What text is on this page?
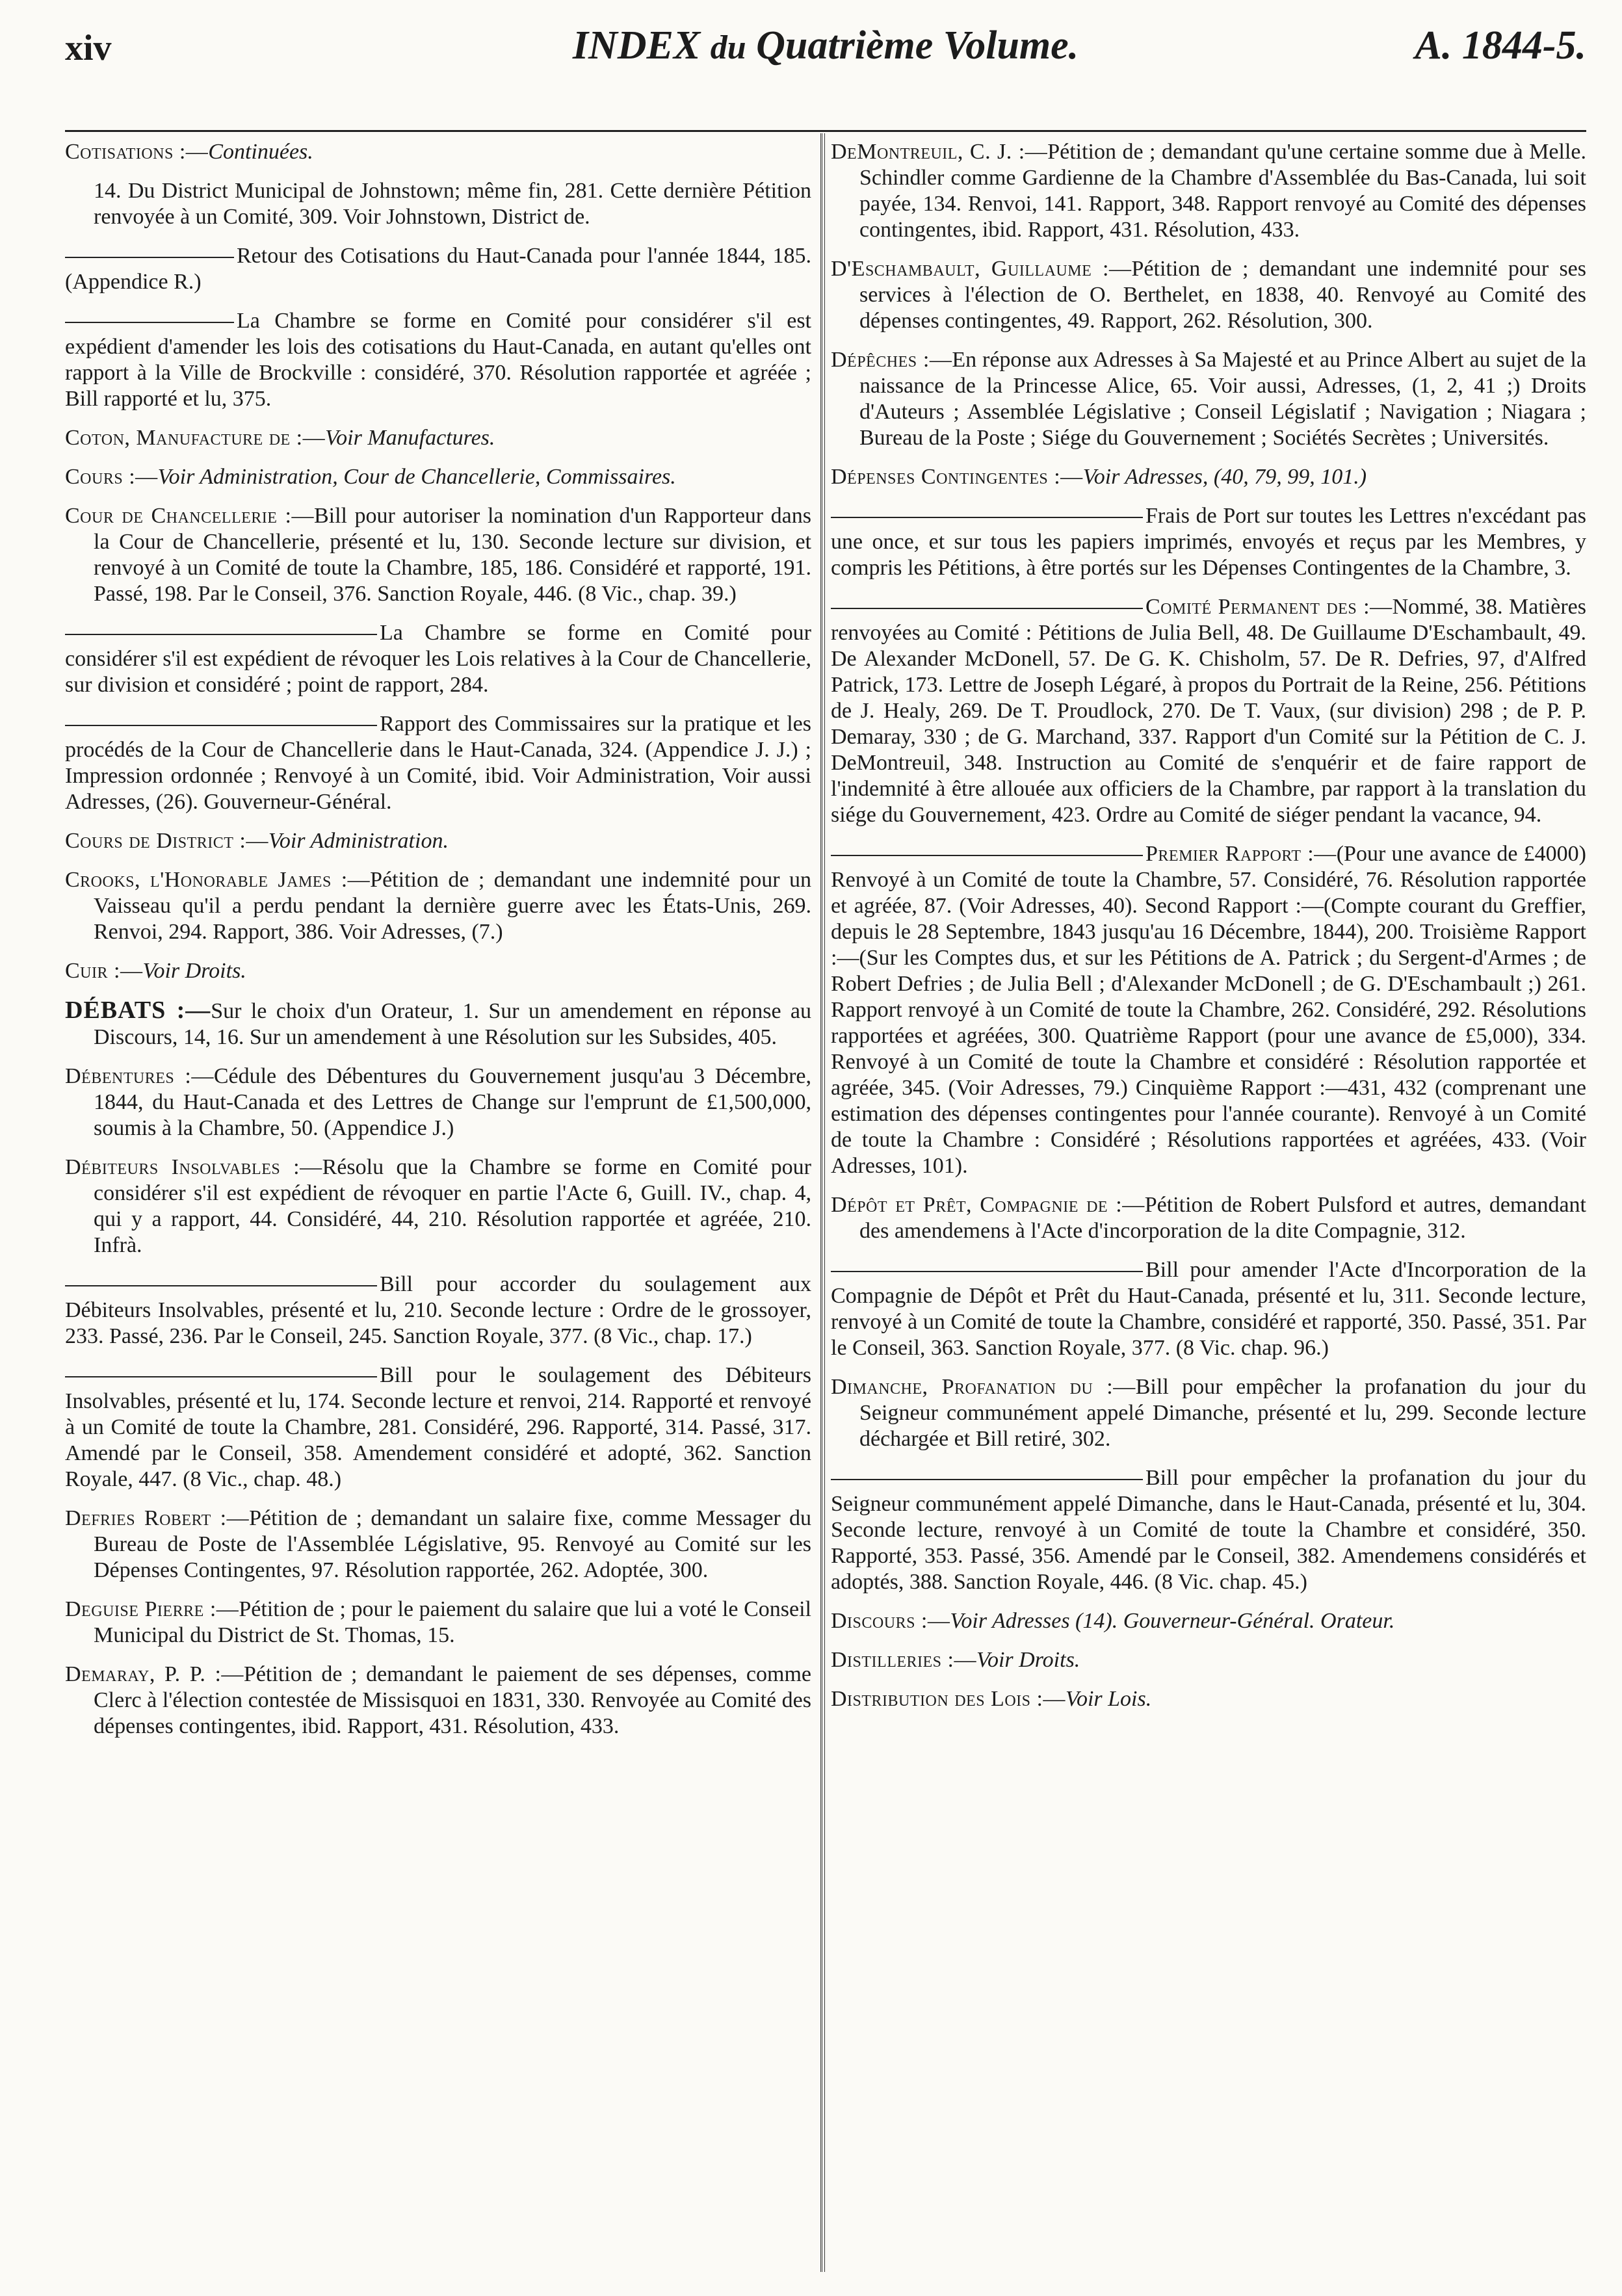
xiv	INDEX du Quatrième Volume.	A. 1844-5.

Cotisations :—Continuées.

14. Du District Municipal de Johnstown; même fin, 281. Cette dernière Pétition renvoyée à un Comité, 309. Voir Johnstown, District de.

Retour des Cotisations du Haut-Canada pour l'année 1844, 185. (Appendice R.)

La Chambre se forme en Comité pour considérer s'il est expédient d'amender les lois des cotisations du Haut-Canada, en autant qu'elles ont rapport à la Ville de Brockville : considéré, 370. Résolution rapportée et agréée ; Bill rapporté et lu, 375.

Coton, Manufacture de :—Voir Manufactures.

Cours :—Voir Administration, Cour de Chancellerie, Commissaires.

Cour de Chancellerie :—Bill pour autoriser la nomination d'un Rapporteur dans la Cour de Chancellerie, présenté et lu, 130. Seconde lecture sur division, et renvoyé à un Comité de toute la Chambre, 185, 186. Considéré et rapporté, 191. Passé, 198. Par le Conseil, 376. Sanction Royale, 446. (8 Vic., chap. 39.)

La Chambre se forme en Comité pour considérer s'il est expédient de révoquer les Lois relatives à la Cour de Chancellerie, sur division et considéré ; point de rapport, 284.

Rapport des Commissaires sur la pratique et les procédés de la Cour de Chancellerie dans le Haut-Canada, 324. (Appendice J. J.) ; Impression ordonnée ; Renvoyé à un Comité, ibid. Voir Administration, Voir aussi Adresses, (26). Gouverneur-Général.

Cours de District :—Voir Administration.

Crooks, l'Honorable James :—Pétition de ; demandant une indemnité pour un Vaisseau qu'il a perdu pendant la dernière guerre avec les États-Unis, 269. Renvoi, 294. Rapport, 386. Voir Adresses, (7.)

Cuir :—Voir Droits.

DÉBATS :—Sur le choix d'un Orateur, 1. Sur un amendement en réponse au Discours, 14, 16. Sur un amendement à une Résolution sur les Subsides, 405.

Débentures :—Cédule des Débentures du Gouvernement jusqu'au 3 Décembre, 1844, du Haut-Canada et des Lettres de Change sur l'emprunt de £1,500,000, soumis à la Chambre, 50. (Appendice J.)

Débiteurs Insolvables :—Résolu que la Chambre se forme en Comité pour considérer s'il est expédient de révoquer en partie l'Acte 6, Guill. IV., chap. 4, qui y a rapport, 44. Considéré, 44, 210. Résolution rapportée et agréée, 210. Infrà.

Bill pour accorder du soulagement aux Débiteurs Insolvables, présenté et lu, 210. Seconde lecture : Ordre de le grossoyer, 233. Passé, 236. Par le Conseil, 245. Sanction Royale, 377. (8 Vic., chap. 17.)

Bill pour le soulagement des Débiteurs Insolvables, présenté et lu, 174. Seconde lecture et renvoi, 214. Rapporté et renvoyé à un Comité de toute la Chambre, 281. Considéré, 296. Rapporté, 314. Passé, 317. Amendé par le Conseil, 358. Amendement considéré et adopté, 362. Sanction Royale, 447. (8 Vic., chap. 48.)

Defries Robert :—Pétition de ; demandant un salaire fixe, comme Messager du Bureau de Poste de l'Assemblée Législative, 95. Renvoyé au Comité sur les Dépenses Contingentes, 97. Résolution rapportée, 262. Adoptée, 300.

Deguise Pierre :—Pétition de ; pour le paiement du salaire que lui a voté le Conseil Municipal du District de St. Thomas, 15.

Demaray, P. P. :—Pétition de ; demandant le paiement de ses dépenses, comme Clerc à l'élection contestée de Missisquoi en 1831, 330. Renvoyée au Comité des dépenses contingentes, ibid. Rapport, 431. Résolution, 433.

DeMontreuil, C. J. :—Pétition de ; demandant qu'une certaine somme due à Melle. Schindler comme Gardienne de la Chambre d'Assemblée du Bas-Canada, lui soit payée, 134. Renvoi, 141. Rapport, 348. Rapport renvoyé au Comité des dépenses contingentes, ibid. Rapport, 431. Résolution, 433.

D'Eschambault, Guillaume :—Pétition de ; demandant une indemnité pour ses services à l'élection de O. Berthelet, en 1838, 40. Renvoyé au Comité des dépenses contingentes, 49. Rapport, 262. Résolution, 300.

Dépêches :—En réponse aux Adresses à Sa Majesté et au Prince Albert au sujet de la naissance de la Princesse Alice, 65. Voir aussi, Adresses, (1, 2, 41 ;) Droits d'Auteurs ; Assemblée Législative ; Conseil Législatif ; Navigation ; Niagara ; Bureau de la Poste ; Siége du Gouvernement ; Sociétés Secrètes ; Universités.

Dépenses Contingentes :—Voir Adresses, (40, 79, 99, 101.)

Frais de Port sur toutes les Lettres n'excédant pas une once, et sur tous les papiers imprimés, envoyés et reçus par les Membres, y compris les Pétitions, à être portés sur les Dépenses Contingentes de la Chambre, 3.

Comité Permanent des :—Nommé, 38. Matières renvoyées au Comité : Pétitions de Julia Bell, 48. De Guillaume D'Eschambault, 49. De Alexander McDonell, 57. De G. K. Chisholm, 57. De R. Defries, 97, d'Alfred Patrick, 173. Lettre de Joseph Légaré, à propos du Portrait de la Reine, 256. Pétitions de J. Healy, 269. De T. Proudlock, 270. De T. Vaux, (sur division) 298 ; de P. P. Demaray, 330 ; de G. Marchand, 337. Rapport d'un Comité sur la Pétition de C. J. DeMontreuil, 348. Instruction au Comité de s'enquérir et de faire rapport de l'indemnité à être allouée aux officiers de la Chambre, par rapport à la translation du siége du Gouvernement, 423. Ordre au Comité de siéger pendant la vacance, 94.

Premier Rapport :—(Pour une avance de £4000) Renvoyé à un Comité de toute la Chambre, 57. Considéré, 76. Résolution rapportée et agréée, 87. (Voir Adresses, 40). Second Rapport :—(Compte courant du Greffier, depuis le 28 Septembre, 1843 jusqu'au 16 Décembre, 1844), 200. Troisième Rapport :—(Sur les Comptes dus, et sur les Pétitions de A. Patrick ; du Sergent-d'Armes ; de Robert Defries ; de Julia Bell ; d'Alexander McDonell ; de G. D'Eschambault ;) 261. Rapport renvoyé à un Comité de toute la Chambre, 262. Considéré, 292. Résolutions rapportées et agréées, 300. Quatrième Rapport (pour une avance de £5,000), 334. Renvoyé à un Comité de toute la Chambre et considéré : Résolution rapportée et agréée, 345. (Voir Adresses, 79.) Cinquième Rapport :—431, 432 (comprenant une estimation des dépenses contingentes pour l'année courante). Renvoyé à un Comité de toute la Chambre : Considéré ; Résolutions rapportées et agréées, 433. (Voir Adresses, 101).

Dépôt et Prêt, Compagnie de :—Pétition de Robert Pulsford et autres, demandant des amendemens à l'Acte d'incorporation de la dite Compagnie, 312.

Bill pour amender l'Acte d'Incorporation de la Compagnie de Dépôt et Prêt du Haut-Canada, présenté et lu, 311. Seconde lecture, renvoyé à un Comité de toute la Chambre, considéré et rapporté, 350. Passé, 351. Par le Conseil, 363. Sanction Royale, 377. (8 Vic. chap. 96.)

Dimanche, Profanation du :—Bill pour empêcher la profanation du jour du Seigneur communément appelé Dimanche, présenté et lu, 299. Seconde lecture déchargée et Bill retiré, 302.

Bill pour empêcher la profanation du jour du Seigneur communément appelé Dimanche, dans le Haut-Canada, présenté et lu, 304. Seconde lecture, renvoyé à un Comité de toute la Chambre et considéré, 350. Rapporté, 353. Passé, 356. Amendé par le Conseil, 382. Amendemens considérés et adoptés, 388. Sanction Royale, 446. (8 Vic. chap. 45.)

Discours :—Voir Adresses (14). Gouverneur-Général. Orateur.

Distilleries :—Voir Droits.

Distribution des Lois :—Voir Lois.
